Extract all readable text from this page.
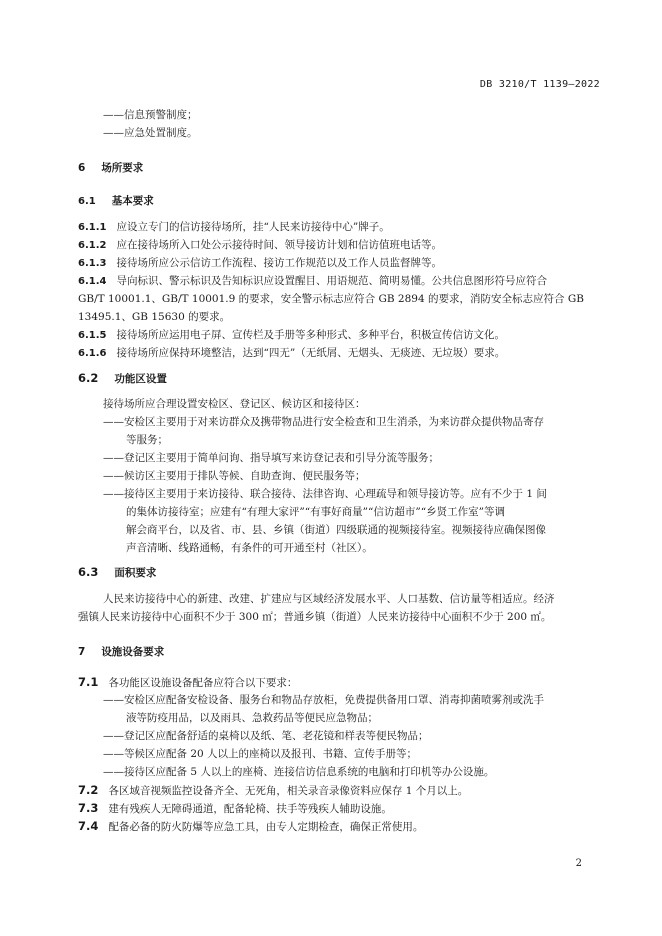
DB 3210/T 1139—2022
——信息预警制度；
——应急处置制度。
6 场所要求
6.1 基本要求
6.1.1 应设立专门的信访接待场所，挂“人民来访接待中心”牌子。
6.1.2 应在接待场所入口处公示接待时间、领导接访计划和信访值班电话等。
6.1.3 接待场所应公示信访工作流程、接访工作规范以及工作人员监督牌等。
6.1.4 导向标识、警示标识及告知标识应设置醒目、用语规范、简明易懂。公共信息图形符号应符合
GB/T 10001.1、GB/T 10001.9 的要求，安全警示标志应符合 GB 2894 的要求，消防安全标志应符合 GB
13495.1、GB 15630 的要求。
6.1.5 接待场所应运用电子屏、宣传栏及手册等多种形式、多种平台，积极宣传信访文化。
6.1.6 接待场所应保持环境整洁，达到“四无”（无纸屑、无烟头、无痰迹、无垃圾）要求。
6.2 功能区设置
接待场所应合理设置安检区、登记区、候访区和接待区：
——安检区主要用于对来访群众及携带物品进行安全检查和卫生消杀，为来访群众提供物品寄存
等服务；
——登记区主要用于简单问询、指导填写来访登记表和引导分流等服务；
——候访区主要用于排队等候、自助查询、便民服务等；
——接待区主要用于来访接待、联合接待、法律咨询、心理疏导和领导接访等。应有不少于 1 间
的集体访接待室；应建有“有理大家评”“有事好商量”“信访超市”“乡贤工作室”等调
解会商平台，以及省、市、县、乡镇（街道）四级联通的视频接待室。视频接待应确保图像
声音清晰、线路通畅，有条件的可开通至村（社区）。
6.3 面积要求
人民来访接待中心的新建、改建、扩建应与区域经济发展水平、人口基数、信访量等相适应。经济
强镇人民来访接待中心面积不少于 300 ㎡；普通乡镇（街道）人民来访接待中心面积不少于 200 ㎡。
7 设施设备要求
7.1 各功能区设施设备配备应符合以下要求：
——安检区应配备安检设备、服务台和物品存放柜，免费提供备用口罩、消毒抑菌喷雾剂或洗手
液等防疫用品，以及雨具、急救药品等便民应急物品；
——登记区应配备舒适的桌椅以及纸、笔、老花镜和样表等便民物品；
——等候区应配备 20 人以上的座椅以及报刊、书籍、宣传手册等；
——接待区应配备 5 人以上的座椅、连接信访信息系统的电脑和打印机等办公设施。
7.2 各区域音视频监控设备齐全、无死角，相关录音录像资料应保存 1 个月以上。
7.3 建有残疾人无障碍通道，配备轮椅、扶手等残疾人辅助设施。
7.4 配备必备的防火防爆等应急工具，由专人定期检查，确保正常使用。
2
